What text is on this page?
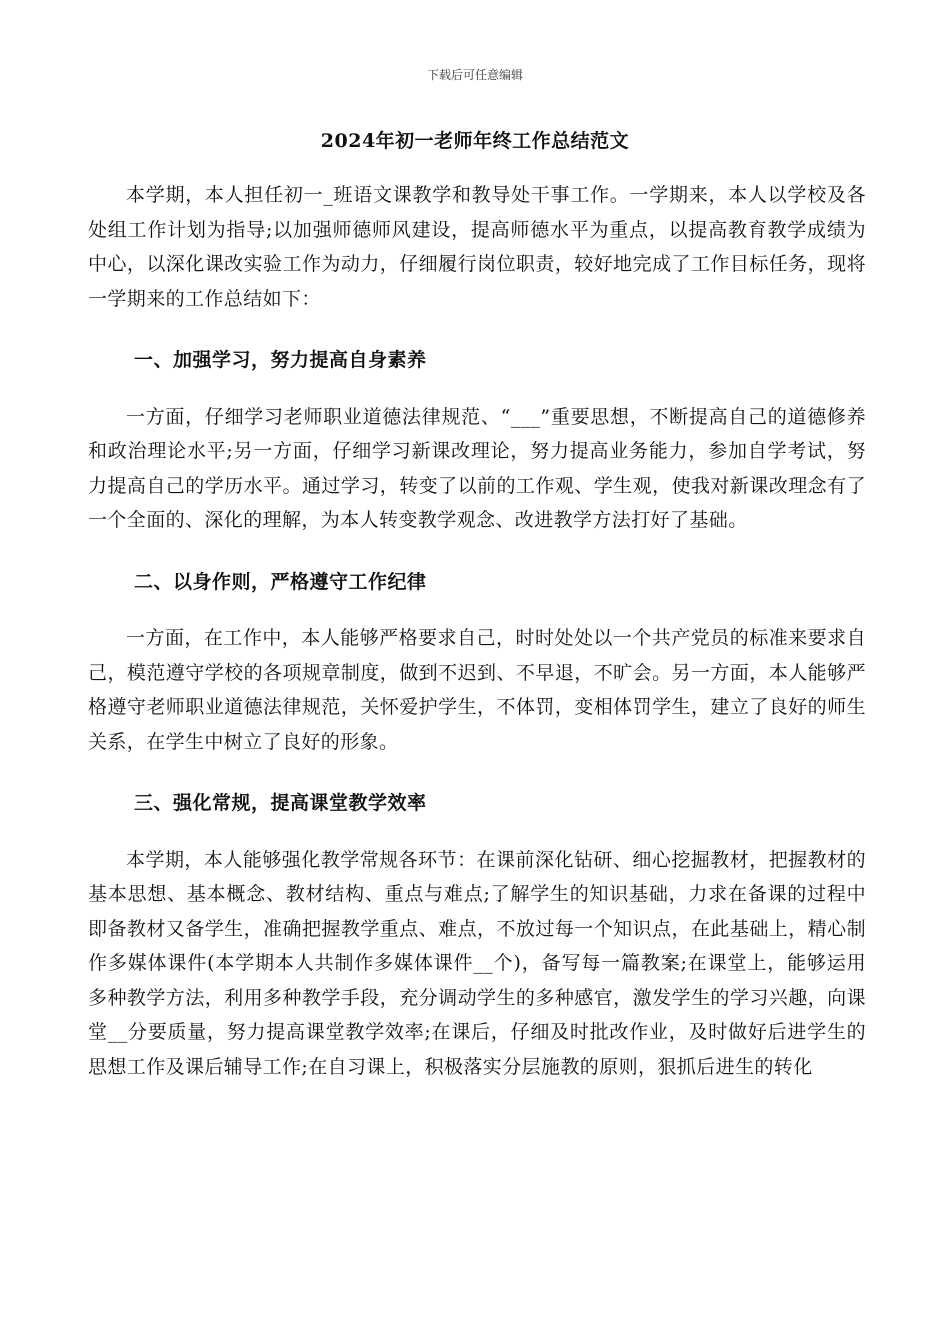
下载后可任意编辑
2024年初一老师年终工作总结范文

本学期，本人担任初一_班语文课教学和教导处干事工作。一学期来，本人以学校及各处组工作计划为指导;以加强师德师风建设，提高师德水平为重点，以提高教育教学成绩为中心，以深化课改实验工作为动力，仔细履行岗位职责，较好地完成了工作目标任务，现将一学期来的工作总结如下：

一、加强学习，努力提高自身素养

一方面，仔细学习老师职业道德法律规范、“___”重要思想，不断提高自己的道德修养和政治理论水平;另一方面，仔细学习新课改理论，努力提高业务能力，参加自学考试，努力提高自己的学历水平。通过学习，转变了以前的工作观、学生观，使我对新课改理念有了一个全面的、深化的理解，为本人转变教学观念、改进教学方法打好了基础。

二、以身作则，严格遵守工作纪律

一方面，在工作中，本人能够严格要求自己，时时处处以一个共产党员的标准来要求自己，模范遵守学校的各项规章制度，做到不迟到、不早退，不旷会。另一方面，本人能够严格遵守老师职业道德法律规范，关怀爱护学生，不体罚，变相体罚学生，建立了良好的师生关系，在学生中树立了良好的形象。

三、强化常规，提高课堂教学效率

本学期，本人能够强化教学常规各环节：在课前深化钻研、细心挖掘教材，把握教材的基本思想、基本概念、教材结构、重点与难点;了解学生的知识基础，力求在备课的过程中即备教材又备学生，准确把握教学重点、难点，不放过每一个知识点，在此基础上，精心制作多媒体课件(本学期本人共制作多媒体课件__个)，备写每一篇教案;在课堂上，能够运用多种教学方法，利用多种教学手段，充分调动学生的多种感官，激发学生的学习兴趣，向课堂__分要质量，努力提高课堂教学效率;在课后，仔细及时批改作业，及时做好后进学生的思想工作及课后辅导工作;在自习课上，积极落实分层施教的原则，狠抓后进生的转化
